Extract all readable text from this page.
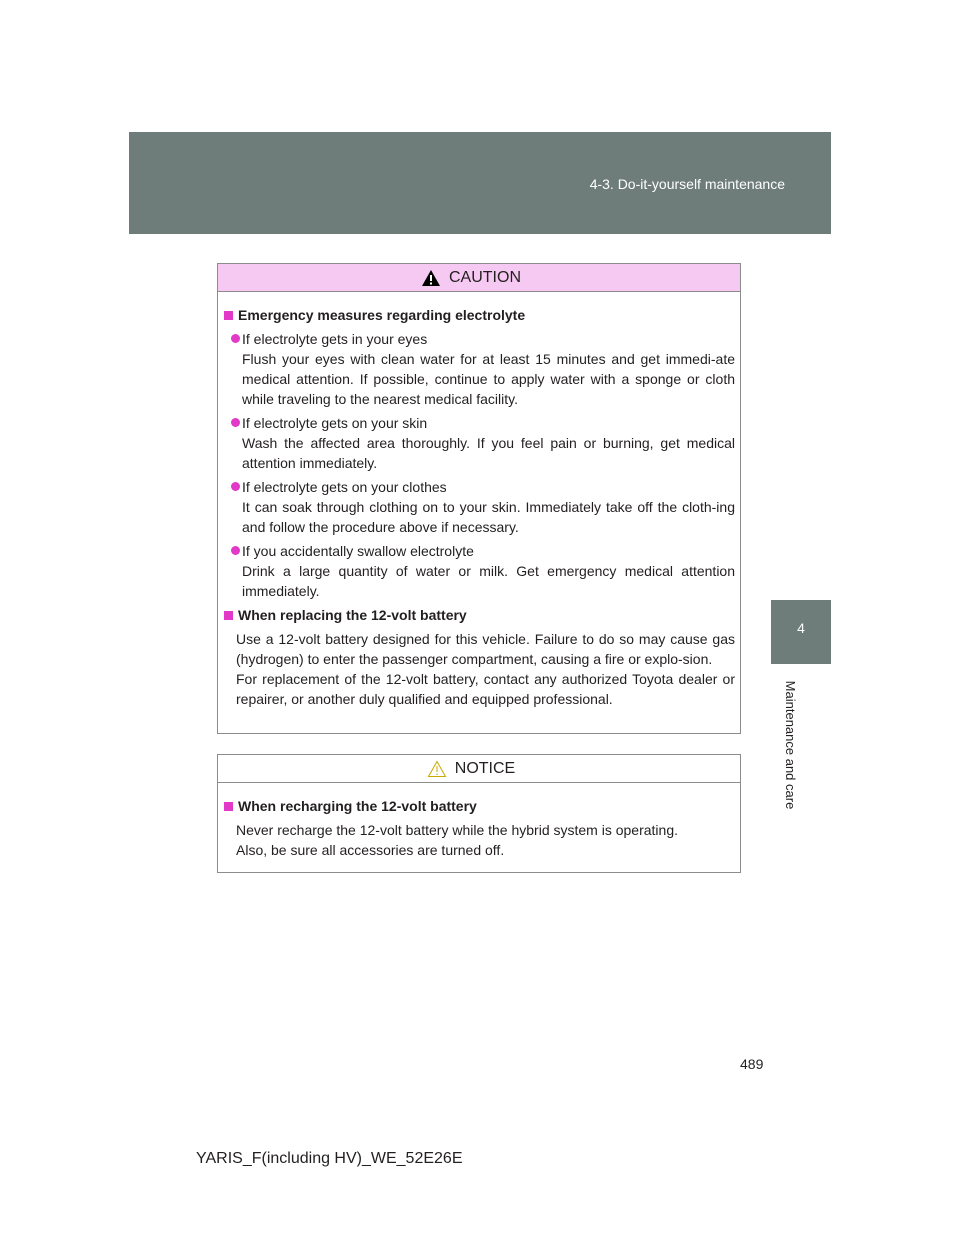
4-3. Do-it-yourself maintenance
4
Maintenance and care
CAUTION
Emergency measures regarding electrolyte
If electrolyte gets in your eyes
Flush your eyes with clean water for at least 15 minutes and get immedi-ate medical attention. If possible, continue to apply water with a sponge or cloth while traveling to the nearest medical facility.
If electrolyte gets on your skin
Wash the affected area thoroughly. If you feel pain or burning, get medical attention immediately.
If electrolyte gets on your clothes
It can soak through clothing on to your skin. Immediately take off the cloth-ing and follow the procedure above if necessary.
If you accidentally swallow electrolyte
Drink a large quantity of water or milk. Get emergency medical attention immediately.
When replacing the 12-volt battery
Use a 12-volt battery designed for this vehicle. Failure to do so may cause gas (hydrogen) to enter the passenger compartment, causing a fire or explo-sion.
For replacement of the 12-volt battery, contact any authorized Toyota dealer or repairer, or another duly qualified and equipped professional.
NOTICE
When recharging the 12-volt battery
Never recharge the 12-volt battery while the hybrid system is operating.
Also, be sure all accessories are turned off.
489
YARIS_F(including HV)_WE_52E26E
